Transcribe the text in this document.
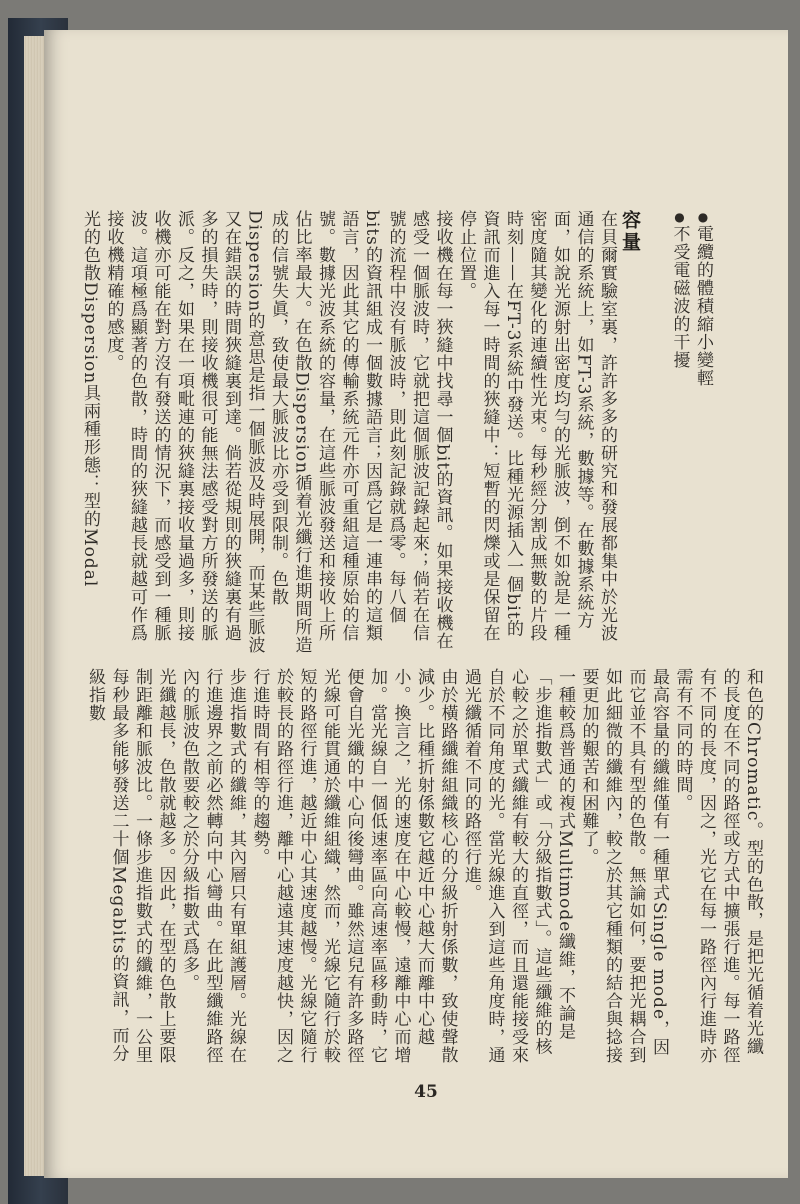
●電纜的體積縮小變輕
●不受電磁波的干擾
容量
在貝爾實驗室裏，許許多多的研究和發展都集中於光波通信的系統上，如FT-3系統，數據等。在數據系統方面，如說光源射出密度均勻的光脈波，倒不如說是一種密度隨其變化的連續性光束。每秒經分割成無數的片段時刻——在FT-3系統中發送。比種光源插入一個bit的資訊而進入每一時間的狹縫中：短暫的閃爍或是保留在停止位置。
接收機在每一狹縫中找尋一個bit的資訊。如果接收機在感受一個脈波時，它就把這個脈波記錄起來；倘若在信號的流程中沒有脈波時，則此刻記錄就爲零。每八個bits的資訊組成一個數據語言；因爲它是一連串的這類語言，因此其它的傳輸系統元件亦可重組這種原始的信號。數據光波系統的容量，在這些脈波發送和接收上所佔比率最大。在色散Dispersion循着光纖行進期間所造成的信號失眞，致使最大脈波比亦受到限制。色散Dispersion的意思是指一個脈波及時展開，而某些脈波又在錯誤的時間狹縫裏到達。倘若從規則的狹縫裏有過多的損失時，則接收機很可能無法感受對方所發送的脈派。反之，如果在一項毗連的狹縫裏接收量過多，則接收機亦可能在對方沒有發送的情況下，而感受到一種脈波。這項極爲顯著的色散，時間的狹縫越長就越可作爲接收機精確的感度。
光的色散Dispersion具兩種形態：型的Modal
和色的Chromatic。型的色散，是把光循着光纖的長度在不同的路徑或方式中擴張行進。每一路徑有不同的長度，因之，光它在每一路徑內行進時亦需有不同的時間。
最高容量的纖維僅有一種單式Single mode，因而它並不具有型的色散。無論如何，要把光耦合到如此細微的纖維內，較之於其它種類的結合與捻接要更加的艱苦和困難了。
一種較爲普通的複式Multimode纖維，不論是「步進指數式」或「分級指數式」。這些纖維的核心較之於單式纖維有較大的直徑，而且還能接受來自於不同角度的光。當光線進入到這些角度時，通過光纖循着不同的路徑行進。
由於橫路纖維組織核心的分級折射係數，致使聲散減少。比種折射係數它越近中心越大而離中心越小。換言之，光的速度在中心較慢，遠離中心而增加。當光線自一個低速率區向高速率區移動時，它便會自光纖的中心向後彎曲。雖然這兒有許多路徑光線可能貫通於纖維組織，然而，光線它隨行於較短的路徑行進，越近中心其速度越慢。光線它隨行於較長的路徑行進，離中心越遠其速度越快，因之行進時間有相等的趨勢。
步進指數式的纖維，其內層只有單組護層。光線在行進邊界之前必然轉向中心彎曲。在此型纖維路徑內的脈波色散要較之於分級指數式爲多。
光纖越長，色散就越多。因此，在型的色散上要限制距離和脈波比。一條步進指數式的纖維，一公里每秒最多能够發送二十個Megabits的資訊，而分級指數
45
